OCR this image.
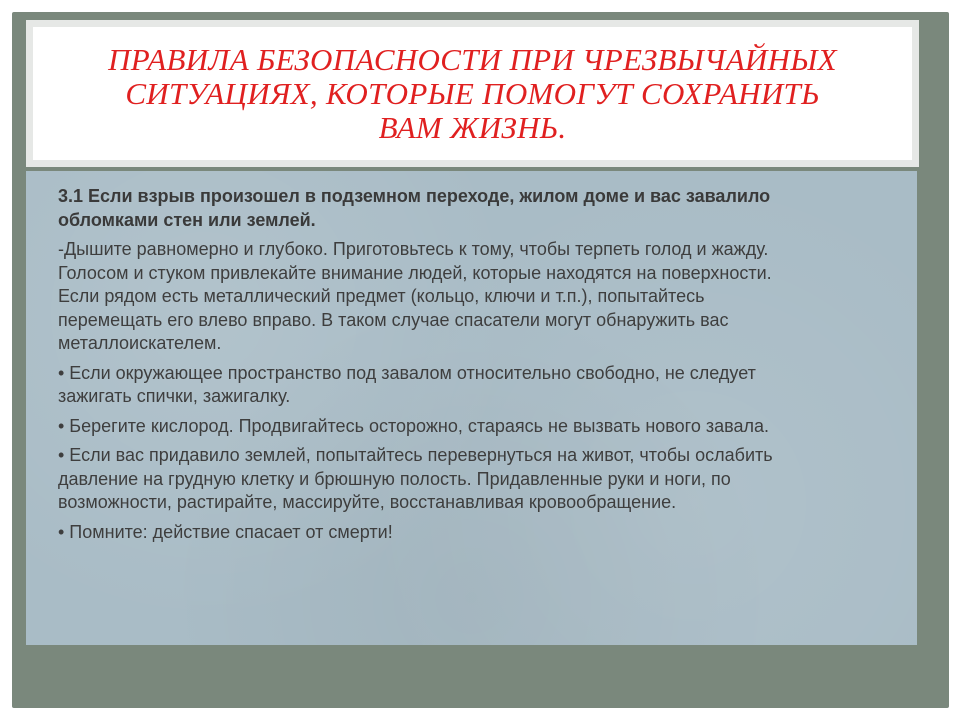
ПРАВИЛА БЕЗОПАСНОСТИ ПРИ ЧРЕЗВЫЧАЙНЫХ
СИТУАЦИЯХ, КОТОРЫЕ ПОМОГУТ СОХРАНИТЬ
ВАМ ЖИЗНЬ.
3.1 Если взрыв произошел в подземном переходе, жилом доме и вас завалило
обломками стен или землей.
-Дышите равномерно и глубоко. Приготовьтесь к тому, чтобы терпеть голод и жажду.
Голосом и стуком привлекайте внимание людей, которые находятся на поверхности.
Если рядом есть металлический предмет (кольцо, ключи и т.п.), попытайтесь
перемещать его влево вправо. В таком случае спасатели могут обнаружить вас
металлоискателем.
• Если окружающее пространство под завалом относительно свободно, не следует
зажигать спички, зажигалку.
• Берегите кислород. Продвигайтесь осторожно, стараясь не вызвать нового завала.
• Если вас придавило землей, попытайтесь перевернуться на живот, чтобы ослабить
давление на грудную клетку и брюшную полость. Придавленные руки и ноги, по
возможности, растирайте, массируйте, восстанавливая кровообращение.
• Помните: действие спасает от смерти!
